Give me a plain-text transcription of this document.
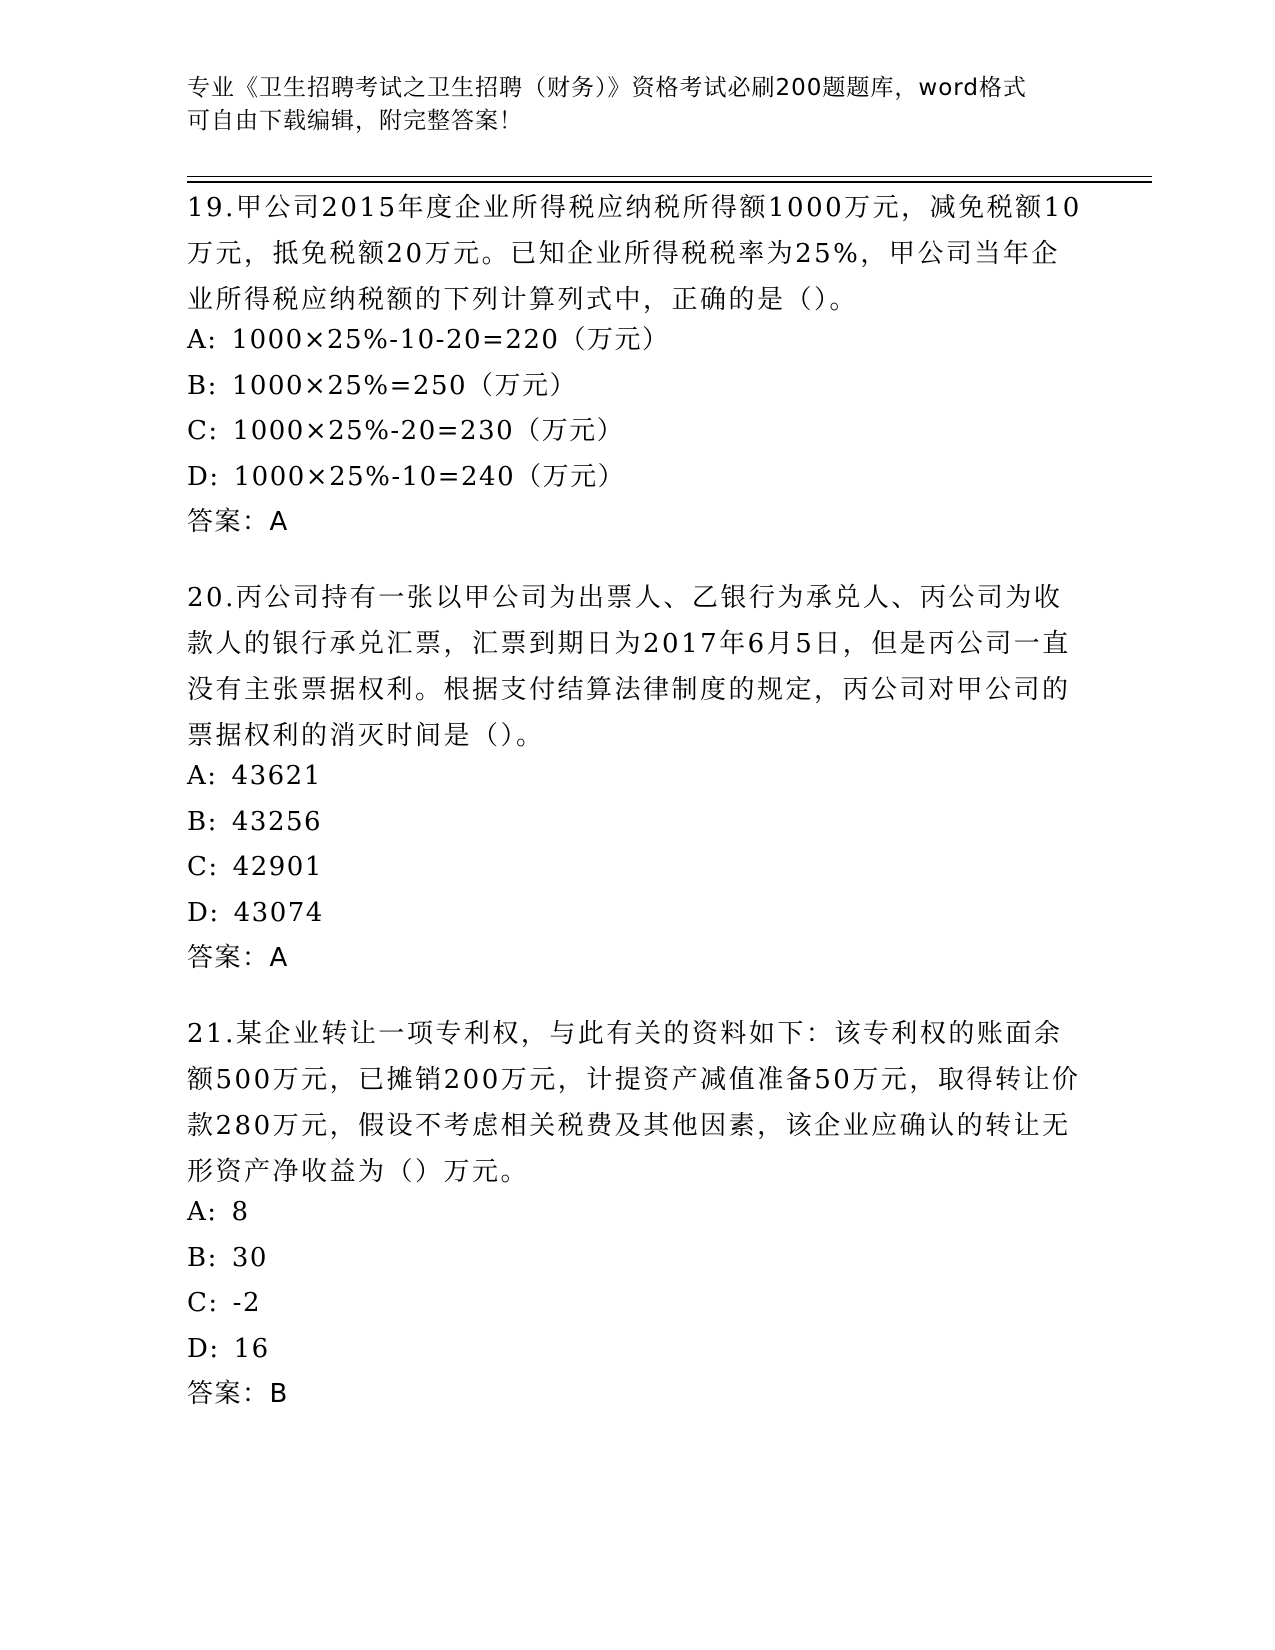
专业《卫生招聘考试之卫生招聘（财务）》资格考试必刷200题题库，word格式
可自由下载编辑，附完整答案！

19.甲公司2015年度企业所得税应纳税所得额1000万元，减免税额10万元，抵免税额20万元。已知企业所得税税率为25%，甲公司当年企业所得税应纳税额的下列计算列式中，正确的是（）。

A: 1000×25%-10-20=220（万元）

B: 1000×25%=250（万元）

C: 1000×25%-20=230（万元）

D: 1000×25%-10=240（万元）

答案：A

20.丙公司持有一张以甲公司为出票人、乙银行为承兑人、丙公司为收款人的银行承兑汇票，汇票到期日为2017年6月5日，但是丙公司一直没有主张票据权利。根据支付结算法律制度的规定，丙公司对甲公司的票据权利的消灭时间是（）。

A: 43621

B: 43256

C: 42901

D: 43074

答案：A

21.某企业转让一项专利权，与此有关的资料如下：该专利权的账面余额500万元，已摊销200万元，计提资产减值准备50万元，取得转让价款280万元，假设不考虑相关税费及其他因素，该企业应确认的转让无形资产净收益为（）万元。

A: 8

B: 30

C: -2

D: 16

答案：B
